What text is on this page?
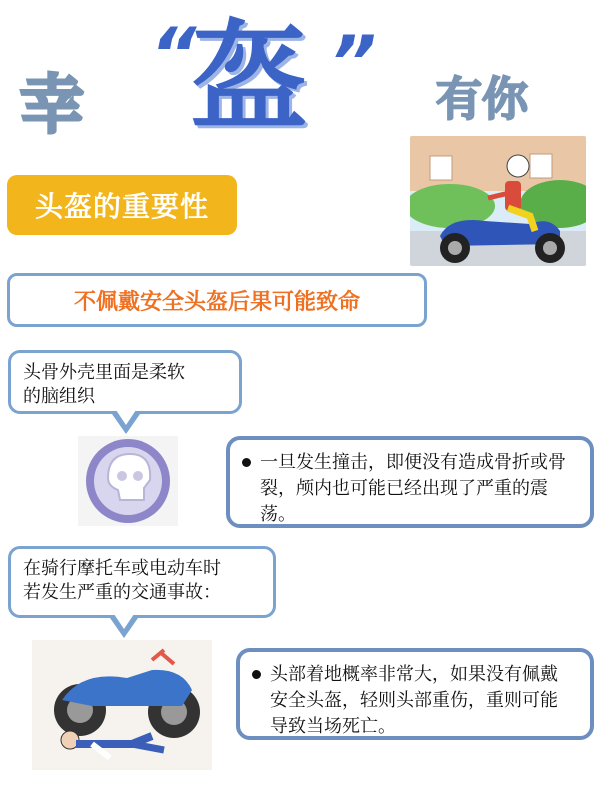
幸
“
盔 ” 有你
头盔的重要性
不佩戴安全头盔后果可能致命
头骨外壳里面是柔软
的脑组织
一旦发生撞击，即便没有造成骨折或骨裂，颅内也可能已经出现了严重的震荡。
在骑行摩托车或电动车时
若发生严重的交通事故：
头部着地概率非常大，如果没有佩戴安全头盔，轻则头部重伤，重则可能导致当场死亡。
